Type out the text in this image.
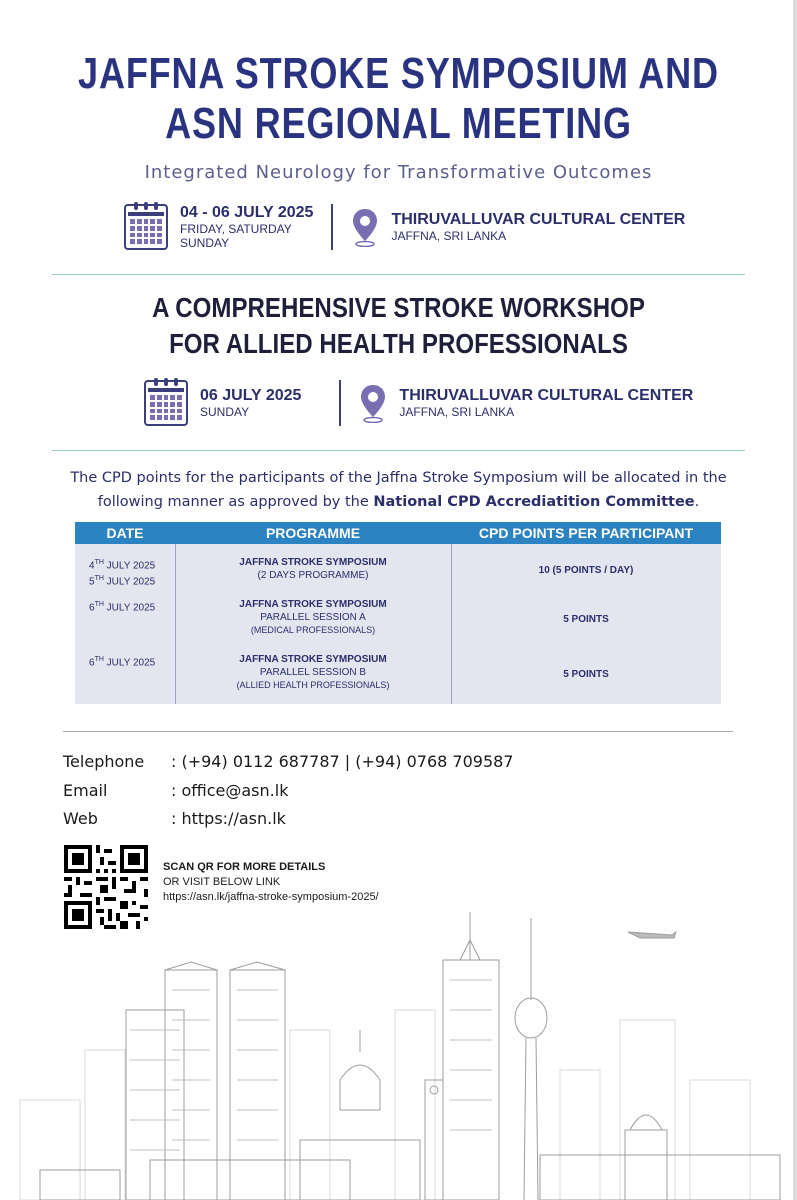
JAFFNA STROKE SYMPOSIUM AND
ASN REGIONAL MEETING
Integrated Neurology for Transformative Outcomes
04 - 06 JULY 2025
FRIDAY, SATURDAY
SUNDAY
THIRUVALLUVAR CULTURAL CENTER
JAFFNA, SRI LANKA
A COMPREHENSIVE STROKE WORKSHOP
FOR ALLIED HEALTH PROFESSIONALS
06 JULY 2025
SUNDAY
THIRUVALLUVAR CULTURAL CENTER
JAFFNA, SRI LANKA
The CPD points for the participants of the Jaffna Stroke Symposium will be allocated in the following manner as approved by the National CPD Accrediatition Committee.
DATE	PROGRAMME	CPD POINTS PER PARTICIPANT
4TH JULY 2025
5TH JULY 2025
JAFFNA STROKE SYMPOSIUM
(2 DAYS PROGRAMME)	10 (5 POINTS / DAY)
6TH JULY 2025	JAFFNA STROKE SYMPOSIUM
PARALLEL SESSION A
(MEDICAL PROFESSIONALS)
5 POINTS
6TH JULY 2025	JAFFNA STROKE SYMPOSIUM
PARALLEL SESSION B
(ALLIED HEALTH PROFESSIONALS)
5 POINTS
Telephone : (+94) 0112 687787 | (+94) 0768 709587
Email	: office@asn.lk
Web	: https://asn.lk
SCAN QR FOR MORE DETAILS
OR VISIT BELOW LINK
https://asn.lk/jaffna-stroke-symposium-2025/
